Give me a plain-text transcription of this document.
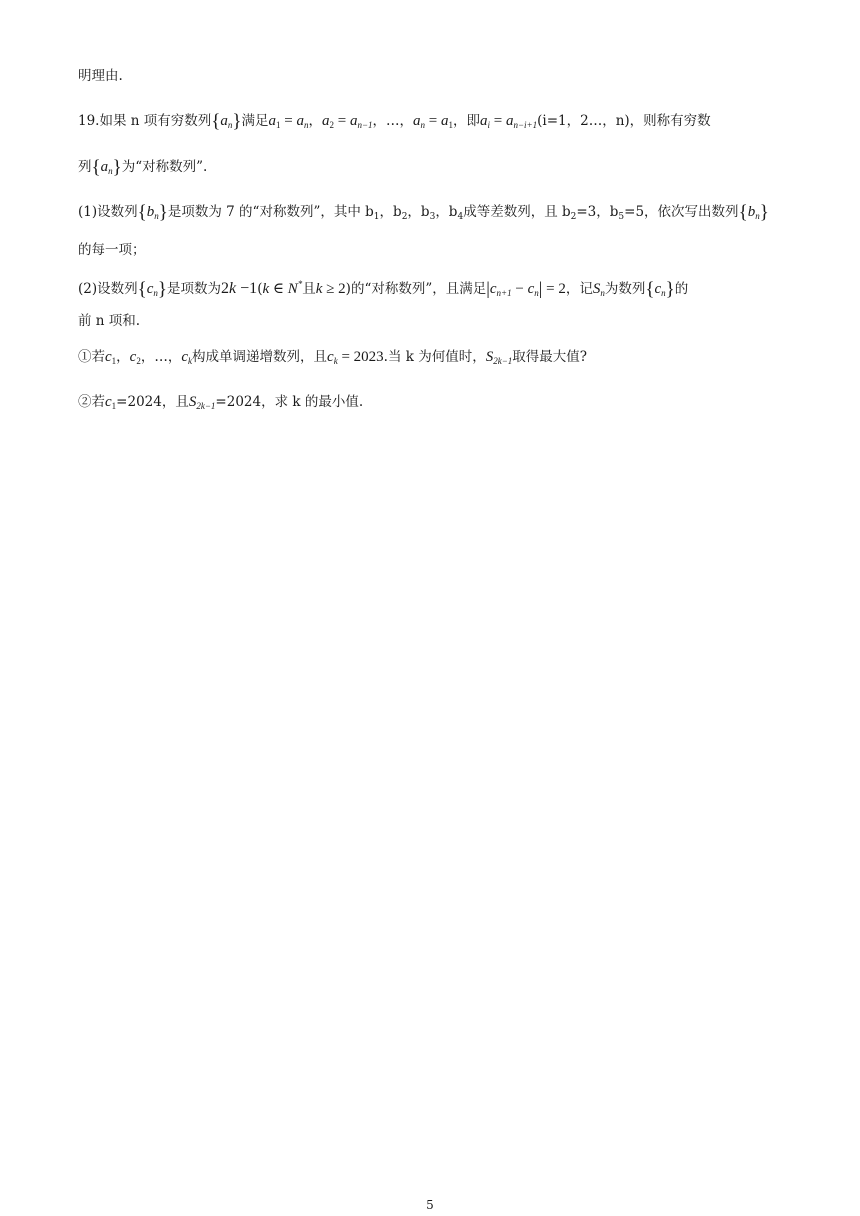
明理由.
19.如果 n 项有穷数列$\{a_n\}$满足$a_1 = a_n$，$a_2 = a_{n-1}$，…，$a_n = a_1$，即$a_i = a_{n-i+1}(i=1$，2…，n)，则称有穷数
列$\{a_n\}$为“对称数列”.
(1)设数列$\{b_n\}$是项数为 7 的“对称数列”，其中 $b_1$，$b_2$，$b_3$，$b_4$成等差数列，且 $b_2=3$，$b_5=5$，依次写出数列$\{b_n\}$
的每一项；
(2)设数列$\{c_n\}$是项数为2k −1(k ∈ N*且k ≥ 2)的“对称数列”，且满足$|c_{n+1} - c_n| = 2$，记$S_n$为数列$\{c_n\}$的
前 n 项和.
①若$c_1$，$c_2$，…，$c_k$构成单调递增数列，且$c_k = 2023$.当 k 为何值时，$S_{2k-1}$取得最大值?
②若$c_1=2024$，且$S_{2k-1}=2024$，求 k 的最小值.
5
